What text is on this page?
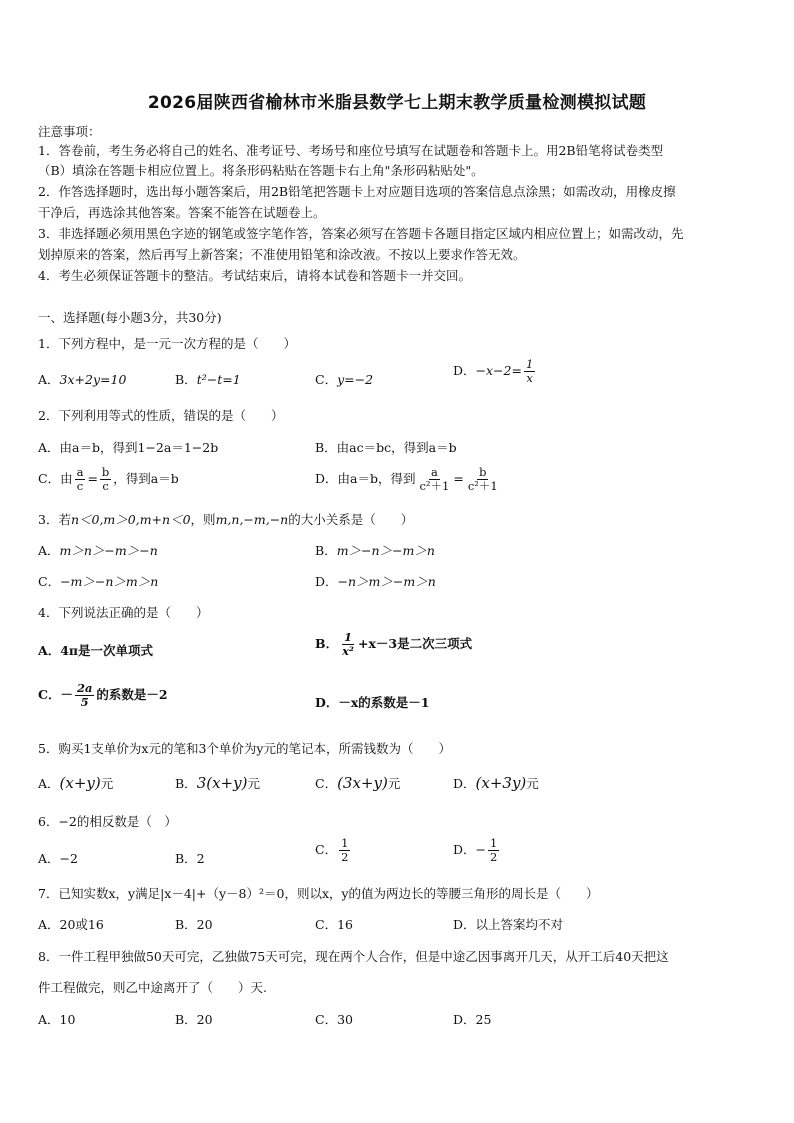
2026届陕西省榆林市米脂县数学七上期末教学质量检测模拟试题
注意事项：
1．答卷前，考生务必将自己的姓名、准考证号、考场号和座位号填写在试题卷和答题卡上。用2B铅笔将试卷类型
（B）填涂在答题卡相应位置上。将条形码粘贴在答题卡右上角"条形码粘贴处"。
2．作答选择题时，选出每小题答案后，用2B铅笔把答题卡上对应题目选项的答案信息点涂黑；如需改动，用橡皮擦
干净后，再选涂其他答案。答案不能答在试题卷上。
3．非选择题必须用黑色字迹的钢笔或签字笔作答，答案必须写在答题卡各题目指定区域内相应位置上；如需改动，先
划掉原来的答案，然后再写上新答案；不准使用铅笔和涂改液。不按以上要求作答无效。
4．考生必须保证答题卡的整洁。考试结束后，请将本试卷和答题卡一并交回。
一、选择题(每小题3分，共30分)
1．下列方程中，是一元一次方程的是（　　）
A．3x+2y=10	B．t²−t=1	C．y=−2
D．$-x-2= \frac{1}{x}$
2．下列利用等式的性质，错误的是（　　）
A．由a＝b，得到1−2a＝1−2b	B．由ac＝bc，得到a＝b
C．由 $\frac{a}{c} = \frac{b}{c}$ ，得到a＝b	D．由a＝b，得到 $\frac{a}{\text{c²＋1}} = \frac{b}{\text{c²＋1}}$
3．若n＜0,m＞0,m+n＜0，则m,n,−m,−n的大小关系是（　　）
A．m＞n＞−m＞−n	B．m＞−n＞−m＞n
C．−m＞−n＞m＞n	D．−n＞m＞−m＞n
4．下列说法正确的是（　　）
A．4π是一次单项式	B． $\frac{1}{\text{x²}} +x-3$是二次三项式
C．－ $\frac{2a}{5}$ 的系数是－2
D．－x的系数是－1
5．购买1支单价为x元的笔和3个单价为y元的笔记本，所需钱数为（　　）
A．(x+y)元	B．3(x+y)元	C．(3x+y)元	D．(x+3y)元
6．−2的相反数是（　）
A．−2	B．2
C． $\frac{1}{2}$	D．− $\frac{1}{2}$
7．已知实数x，y满足|x－4|+（y－8）²＝0，则以x，y的值为两边长的等腰三角形的周长是（　　）
A．20或16	B．20	C．16	D．以上答案均不对
8．一件工程甲独做50天可完，乙独做75天可完，现在两个人合作，但是中途乙因事离开几天，从开工后40天把这
件工程做完，则乙中途离开了（　　）天.
A．10	B．20	C．30	D．25
